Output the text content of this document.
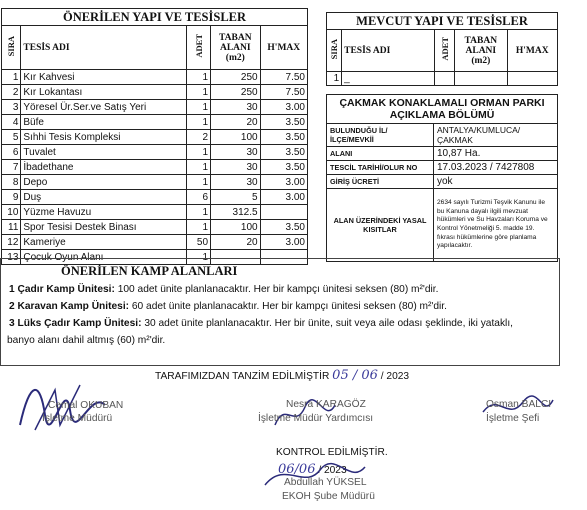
ÖNERİLEN YAPI VE TESİSLER				
SIRA	TESİS ADI	ADET	TABAN ALANI (m2)	H'MAX
1	Kır Kahvesi	1	250	7.50
2	Kır Lokantası	1	250	7.50
3	Yöresel Ür.Ser.ve Satış Yeri	1	30	3.00
4	Büfe	1	20	3.50
5	Sıhhi Tesis Kompleksi	2	100	3.50
6	Tuvalet	1	30	3.50
7	İbadethane	1	30	3.50
8	Depo	1	30	3.00
9	Duş	6	5	3.00
10	Yüzme Havuzu	1	312.5	
11	Spor Tesisi Destek Binası	1	100	3.50
12	Kameriye	50	20	3.00
13	Çocuk Oyun Alanı	1		
MEVCUT YAPI VE TESİSLER				
SIRA	TESİS ADI	ADET	TABAN ALANI (m2)	H'MAX
1	_			
ÇAKMAK KONAKLAMALI ORMAN PARKI AÇIKLAMA BÖLÜMÜ	
BULUNDUĞU İL/İLÇE/MEVKİİ	ANTALYA/KUMLUCA/ÇAKMAK
ALANI	10,87 Ha.
TESCİL TARİHİ/OLUR NO	17.03.2023 / 7427808
GİRİŞ ÜCRETİ	yok
ALAN ÜZERİNDEKİ YASAL KISITLAR	2634 sayılı Turizmi Teşvik Kanunu ile bu Kanuna dayalı ilgili mevzuat hükümleri ve Su Havzaları Koruma ve Kontrol Yönetmeliği 5. madde 19. fıkrası hükümlerine göre planlama yapılacaktır.
ÖNERİLEN KAMP ALANLARI
1 Çadır Kamp Ünitesi: 100 adet ünite planlanacaktır. Her bir kampçı ünitesi seksen (80) m²'dir.
2 Karavan Kamp Ünitesi: 60 adet ünite planlanacaktır. Her bir kampçı ünitesi seksen (80) m²'dir.
3 Lüks Çadır Kamp Ünitesi: 30 adet ünite planlanacaktır. Her bir ünite, suit veya aile odası şeklinde, iki yataklı,
banyo alanı dahil altmış (60) m²'dir.
TARAFIMIZDAN TANZİM EDİLMİŞTİR 05 / 06 / 2023
Cemal OKUBAN
İşletme Müdürü
Nesra KARAGÖZ
İşletme Müdür Yardımcısı
Osman BALCI
İşletme Şefi
KONTROL EDİLMİŞTİR.
06/06 / 2023
Abdullah YÜKSEL
EKOH Şube Müdürü
